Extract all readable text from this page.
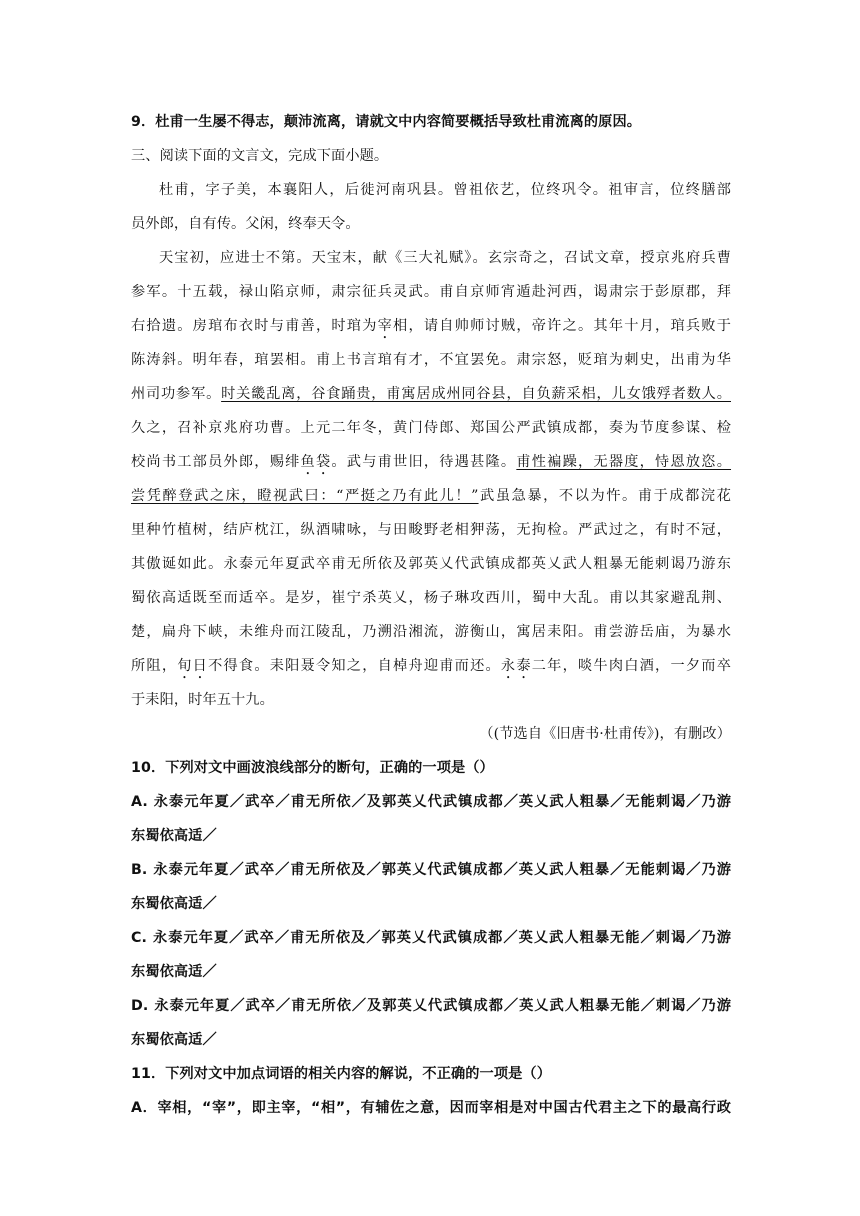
9．杜甫一生屡不得志，颠沛流离，请就文中内容简要概括导致杜甫流离的原因。
三、阅读下面的文言文，完成下面小题。
杜甫，字子美，本襄阳人，后徙河南巩县。曾祖依艺，位终巩令。祖审言，位终膳部
员外郎，自有传。父闲，终奉天令。
天宝初，应进士不第。天宝末，献《三大礼赋》。玄宗奇之，召试文章，授京兆府兵曹
参军。十五载，禄山陷京师，肃宗征兵灵武。甫自京师宵遁赴河西，谒肃宗于彭原郡，拜
右拾遗。房琯布衣时与甫善，时琯为宰相，请自帅师讨贼，帝许之。其年十月，琯兵败于
陈涛斜。明年春，琯罢相。甫上书言琯有才，不宜罢免。肃宗怒，贬琯为刺史，出甫为华
州司功参军。时关畿乱离，谷食踊贵，甫寓居成州同谷县，自负薪采梠，儿女饿殍者数人。
久之，召补京兆府功曹。上元二年冬，黄门侍郎、郑国公严武镇成都，奏为节度参谋、检
校尚书工部员外郎，赐绯鱼袋。武与甫世旧，待遇甚隆。甫性褊躁，无器度，恃恩放恣。
尝凭醉登武之床，瞪视武曰：“严挺之乃有此儿！”武虽急暴，不以为忤。甫于成都浣花
里种竹植树，结庐枕江，纵酒啸咏，与田畯野老相狎荡，无拘检。严武过之，有时不冠，
其傲诞如此。永泰元年夏武卒甫无所依及郭英乂代武镇成都英乂武人粗暴无能刺谒乃游东
蜀依高适既至而适卒。是岁，崔宁杀英乂，杨子琳攻西川，蜀中大乱。甫以其家避乱荆、
楚，扁舟下峡，未维舟而江陵乱，乃溯沿湘流，游衡山，寓居耒阳。甫尝游岳庙，为暴水
所阻，旬日不得食。耒阳聂令知之，自棹舟迎甫而还。永泰二年，啖牛肉白酒，一夕而卒
于耒阳，时年五十九。
（(节选自《旧唐书·杜甫传》)，有删改）
10．下列对文中画波浪线部分的断句，正确的一项是（）
A. 永泰元年夏／武卒／甫无所依／及郭英乂代武镇成都／英乂武人粗暴／无能刺谒／乃游
东蜀依高适／
B. 永泰元年夏／武卒／甫无所依及／郭英乂代武镇成都／英乂武人粗暴／无能刺谒／乃游
东蜀依高适／
C. 永泰元年夏／武卒／甫无所依及／郭英乂代武镇成都／英乂武人粗暴无能／刺谒／乃游
东蜀依高适／
D. 永泰元年夏／武卒／甫无所依／及郭英乂代武镇成都／英乂武人粗暴无能／刺谒／乃游
东蜀依高适／
11．下列对文中加点词语的相关内容的解说，不正确的一项是（）
A．宰相，“宰”，即主宰，“相”，有辅佐之意，因而宰相是对中国古代君主之下的最高行政
